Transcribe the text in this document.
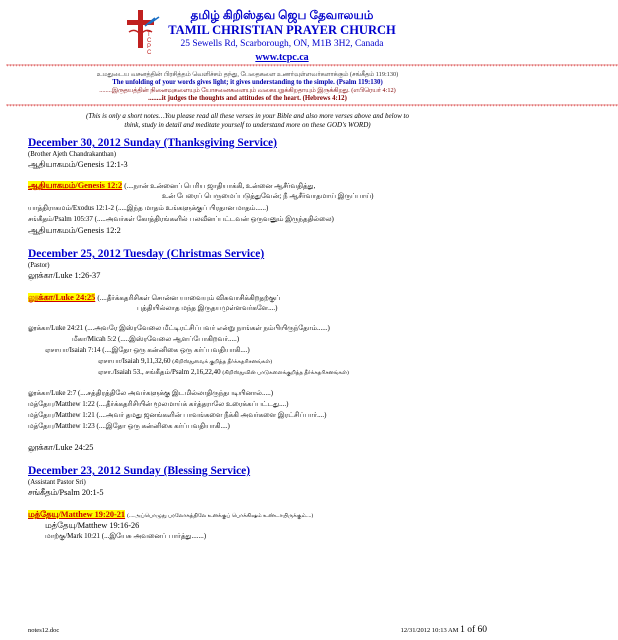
T
C
P
C
தமிழ் கிறிஸ்தவ ஜெப தேவாலயம்
TAMIL CHRISTIAN PRAYER CHURCH
25 Sewells Rd, Scarborough, ON, M1B 3H2, Canada
www.tcpc.ca
************************************************************************************************************************************************************************************************************
உமதுடைய வசனத்தின் பிரசித்தம் வெளிச்சம் தந்து, பேதைகளை உணர்வுள்ளவர்களாக்கும் (சங்கீதம் 119:130)
The unfolding of your words gives light; it gives understanding to the simple. (Psalm 119:130)
........இருதயத்தின் நினைவுகளையும் யோசனைகளையும் வகையறுக்கிறதாயும் இருக்கிறது. (எபிரெயர் 4:12)
........it judges the thoughts and attitudes of the heart. (Hebrews 4:12)
************************************************************************************************************************************************************************************************************
(This is only a short notes…You please read all these verses in your Bible and also more verses above and below to
think, study in detail and meditate yourself to understand more on these GOD's WORD)
December 30, 2012 Sunday (Thanksgiving Service)
(Brother Ajeth Chandrakanthan)
ஆதியாகமம்/Genesis 12:1-3
ஆதியாகமம்/Genesis 12:2 (....நான் உன்னைப் பெரிய ஜாதியாக்கி, உன்னை ஆசீர்வதித்து,
உன் பேரைப் பெருமைப்படுத்துவேன்; நீ ஆசீர்வாதமாய் இருப்பாய்)
யாத்திராகமம்/Exodus 12:1-2 (.....இந்த மாதம் உங்களுக்குப் பிரதான மாதம்......)
சங்கீதம்/Psalm 105:37 (.....அவர்கள் கோத்திரங்களில் பலவீனப்பட்டவன் ஒருவனும் இருந்ததில்லை)
ஆதியாகமம்/Genesis 12:2
December 25, 2012 Tuesday (Christmas Service)
(Pastor)
லூக்கா/Luke 1:26-37
லூக்கா/Luke 24:25 (....தீர்க்கதரிசிகள் சொன்ன யாவையும் விசுவாசிக்கிறதற்குப்
புத்தியில்லாத மந்த இருதயமுள்ளவர்களே....)
லூக்கா/Luke 24:21 (....அவரே இஸ்ரவேலை மீட்டிரட்சிப்பவர் என்று நாங்கள் நம்பியிருந்தோம்......)
மீகா/Micah 5:2 (.....இஸ்ரவேலை ஆளப்போகிறவர்.....)
ஏசாயா/Isaiah 7:14 (....இதோ ஒரு கன்னிகை ஒரு கர்ப்பவதியாகி....)
ஏசாயா/Isaiah 9,11,32,60 (கிறிஸ்துவைக் குறித்த தீர்க்கதரிசனங்கள்)
ஏசா./Isaiah 53., சங்கீதம்/Psalm 2,16,22,40 (கிறிஸ்துவின் பாடுகளைக்குறித்த தீர்க்கதரிசனங்கள்)
லூக்கா/Luke 2:7 (....சத்திரத்திலே அவர்களுக்கு இடமில்லாதிருந்தபடியினால்.....)
மத்தேயு/Matthew 1:22 (....தீர்க்கதரிசியின் மூலமாய்க் கர்த்தராலே உரைக்கப்பட்டது....)
மத்தேயு/Matthew 1:21 (....அவர் தமது ஜனங்களின் பாவங்களை நீக்கி அவர்களை இரட்சிப்பார்....)
மத்தேயு/Matthew 1:23 (....இதோ ஒரு கன்னிகை கர்ப்பவதியாகி....)
லூக்கா/Luke 24:25
December 23, 2012 Sunday (Blessing Service)
(Assistant Pastor Sri)
சங்கீதம்/Psalm 20:1-5
மத்தேயு/Matthew 19:20-21 (....அப்பொழுது பரலோகத்திலே உனக்குப் பொக்கிஷம் உண்டாயிருக்கும்....)
மத்தேயு/Matthew 19:16-26
மாற்கு/Mark 10:21 (...இயேசு அவனைப் பார்த்து.......)
notes12.doc	12/31/2012 10:13 AM 1 of 60
